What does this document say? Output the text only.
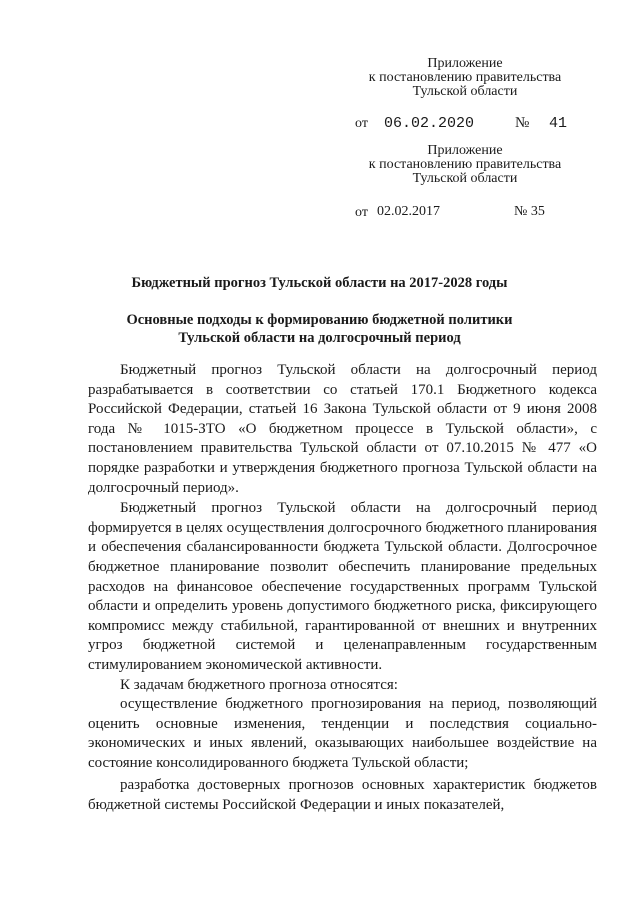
Приложение
к постановлению правительства
Тульской области
от 06.02.2020	№ 41
Приложение
к постановлению правительства
Тульской области
от 02.02.2017	№ 35
Бюджетный прогноз Тульской области на 2017-2028 годы
Основные подходы к формированию бюджетной политики
Тульской области на долгосрочный период

Бюджетный прогноз Тульской области на долгосрочный период разрабатывается в соответствии со статьей 170.1 Бюджетного кодекса Российской Федерации, статьей 16 Закона Тульской области от 9 июня 2008 года № 1015-ЗТО «О бюджетном процессе в Тульской области», с постановлением правительства Тульской области от 07.10.2015 № 477 «О порядке разработки и утверждения бюджетного прогноза Тульской области на долгосрочный период».

Бюджетный прогноз Тульской области на долгосрочный период формируется в целях осуществления долгосрочного бюджетного планирования и обеспечения сбалансированности бюджета Тульской области. Долгосрочное бюджетное планирование позволит обеспечить планирование предельных расходов на финансовое обеспечение государственных программ Тульской области и определить уровень допустимого бюджетного риска, фиксирующего компромисс между стабильной, гарантированной от внешних и внутренних угроз бюджетной системой и целенаправленным государственным стимулированием экономической активности.

К задачам бюджетного прогноза относятся:

осуществление бюджетного прогнозирования на период, позволяющий оценить основные изменения, тенденции и последствия социально-экономических и иных явлений, оказывающих наибольшее воздействие на состояние консолидированного бюджета Тульской области;

разработка достоверных прогнозов основных характеристик бюджетов бюджетной системы Российской Федерации и иных показателей,
